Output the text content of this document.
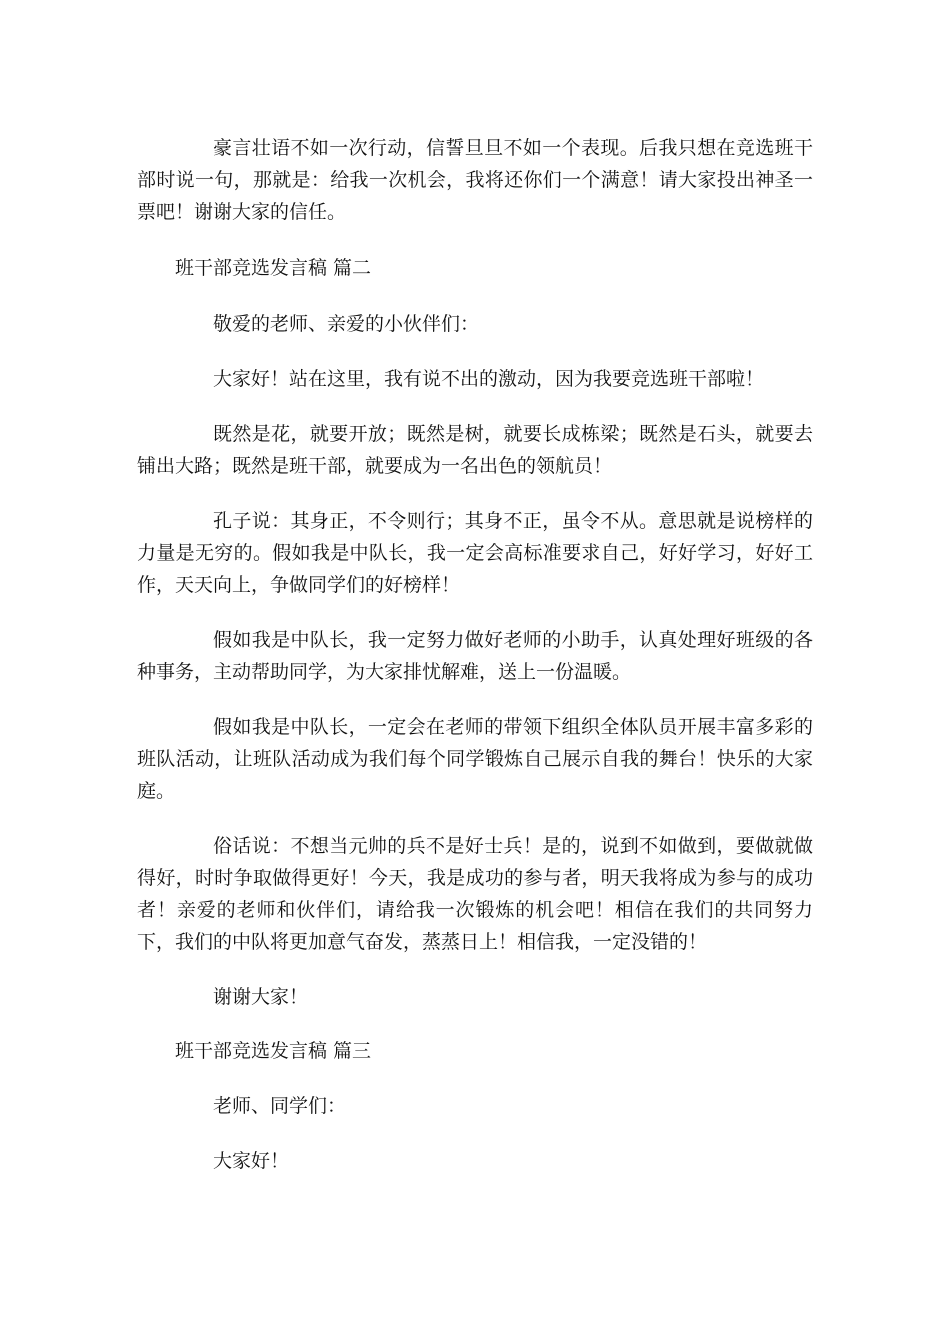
豪言壮语不如一次行动，信誓旦旦不如一个表现。后我只想在竞选班干部时说一句，那就是：给我一次机会，我将还你们一个满意！请大家投出神圣一票吧！谢谢大家的信任。

班干部竞选发言稿 篇二

敬爱的老师、亲爱的小伙伴们：

大家好！站在这里，我有说不出的激动，因为我要竞选班干部啦！

既然是花，就要开放；既然是树，就要长成栋梁；既然是石头，就要去铺出大路；既然是班干部，就要成为一名出色的领航员！

孔子说：其身正，不令则行；其身不正，虽令不从。意思就是说榜样的力量是无穷的。假如我是中队长，我一定会高标准要求自己，好好学习，好好工作，天天向上，争做同学们的好榜样！

假如我是中队长，我一定努力做好老师的小助手，认真处理好班级的各种事务，主动帮助同学，为大家排忧解难，送上一份温暖。

假如我是中队长，一定会在老师的带领下组织全体队员开展丰富多彩的班队活动，让班队活动成为我们每个同学锻炼自己展示自我的舞台！快乐的大家庭。

俗话说：不想当元帅的兵不是好士兵！是的，说到不如做到，要做就做得好，时时争取做得更好！今天，我是成功的参与者，明天我将成为参与的成功者！亲爱的老师和伙伴们，请给我一次锻炼的机会吧！相信在我们的共同努力下，我们的中队将更加意气奋发，蒸蒸日上！相信我，一定没错的！

谢谢大家！

班干部竞选发言稿 篇三

老师、同学们：

大家好！
